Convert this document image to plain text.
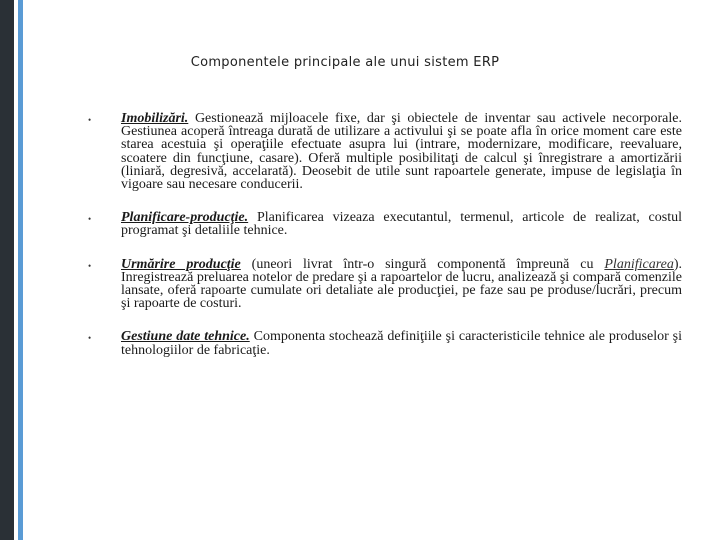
Componentele principale ale unui sistem ERP
• Imobilizări. Gestionează mijloacele fixe, dar şi obiectele de inventar sau activele necorporale. Gestiunea acoperă întreaga durată de utilizare a activului şi se poate afla în orice moment care este starea acestuia şi operaţiile efectuate asupra lui (intrare, modernizare, modificare, reevaluare, scoatere din funcţiune, casare). Oferă multiple posibilitaţi de calcul şi înregistrare a amortizării (liniară, degresivă, accelarată). Deosebit de utile sunt rapoartele generate, impuse de legislaţia în vigoare sau necesare conducerii.
• Planificare-producţie. Planificarea vizeaza executantul, termenul, articole de realizat, costul programat şi detaliile tehnice.
• Urmărire producţie (uneori livrat într-o singură componentă împreună cu Planificarea). Inregistrează preluarea notelor de predare şi a rapoartelor de lucru, analizează şi compară comenzile lansate, oferă rapoarte cumulate ori detaliate ale producţiei, pe faze sau pe produse/lucrări, precum şi rapoarte de costuri.
• Gestiune date tehnice. Componenta stochează definiţiile şi caracteristicile tehnice ale produselor şi tehnologiilor de fabricaţie.
